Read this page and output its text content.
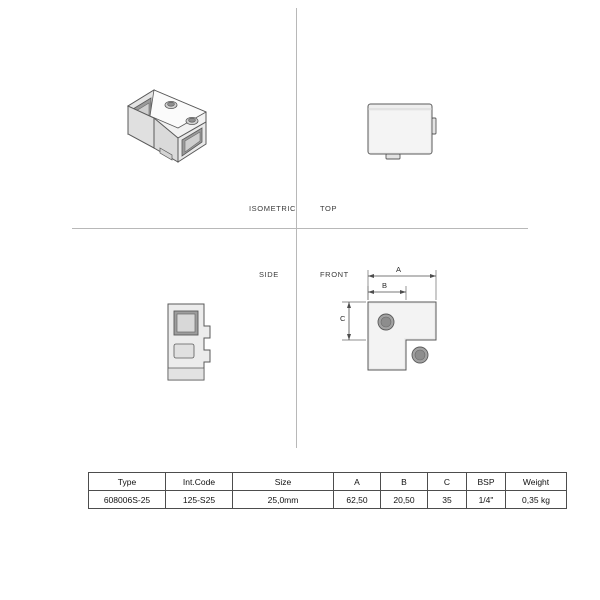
ISOMETRIC	TOP
SIDE
A
B
C
FRONT
Type	Int.Code	Size	A	B	C	BSP	Weight
608006S-25	125-S25	25,0mm	62,50	20,50	35	1/4"	0,35 kg
